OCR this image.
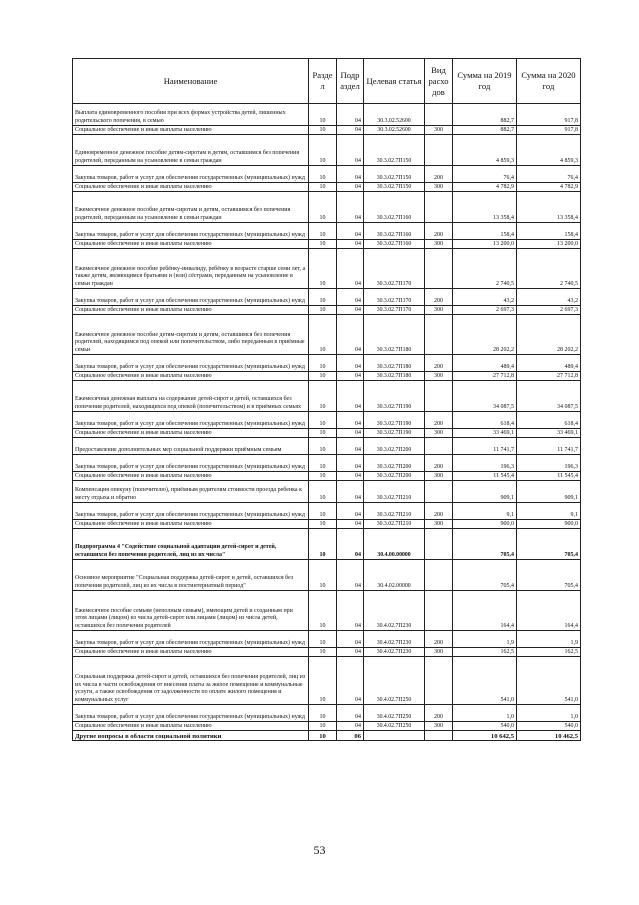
Наименование	Разде л	Подр аздел	Целевая статья	Вид расхо дов	Сумма на 2019 год	Сумма на 2020 год
Выплата единовременного пособия при всех формах устройства детей, лишенных родительского попечения, в семью	10	04	30.3.02.52600		882,7	917,8
Социальное обеспечение и иные выплаты населению	10	04	30.3.02.52600	300	882,7	917,8
Единовременное денежное пособие детям-сиротам и детям, оставшимся без попечения родителей, переданным на усыновление в семьи граждан	10	04	30.3.02.7П150		4 859,3	4 859,3
Закупка товаров, работ и услуг для обеспечения государственных (муниципальных) нужд	10	04	30.3.02.7П150	200	76,4	76,4
Социальное обеспечение и иные выплаты населению	10	04	30.3.02.7П150	300	4 782,9	4 782,9
Ежемесячное денежное пособие детям-сиротам и детям, оставшимся без попечения родителей, переданным на усыновление в семьи граждан	10	04	30.3.02.7П160		13 358,4	13 358,4
Закупка товаров, работ и услуг для обеспечения государственных (муниципальных) нужд	10	04	30.3.02.7П160	200	158,4	158,4
Социальное обеспечение и иные выплаты населению	10	04	30.3.02.7П160	300	13 200,0	13 200,0
Ежемесячное денежное пособие ребёнку-инвалиду, ребёнку в возрасте старше семи лет, а также детям, являющимся братьями и (или) сёстрами, переданным на усыновление в семьи граждан	10	04	30.3.02.7П170		2 740,5	2 740,5
Закупка товаров, работ и услуг для обеспечения государственных (муниципальных) нужд	10	04	30.3.02.7П170	200	43,2	43,2
Социальное обеспечение и иные выплаты населению	10	04	30.3.02.7П170	300	2 697,3	2 697,3
Ежемесячное денежное пособие детям-сиротам и детям, оставшимся без попечения родителей, находящимся под опекой или попечительством, либо переданным в приёмные семьи	10	04	30.3.02.7П180		28 202,2	28 202,2
Закупка товаров, работ и услуг для обеспечения государственных (муниципальных) нужд	10	04	30.3.02.7П180	200	489,4	489,4
Социальное обеспечение и иные выплаты населению	10	04	30.3.02.7П180	300	27 712,8	27 712,8
Ежемесячная денежная выплата на содержание детей-сирот и детей, оставшихся без попечения родителей, находящихся под опекой (попечительством) и в приёмных семьях	10	04	30.3.02.7П190		34 087,5	34 087,5
Закупка товаров, работ и услуг для обеспечения государственных (муниципальных) нужд	10	04	30.3.02.7П190	200	618,4	618,4
Социальное обеспечение и иные выплаты населению	10	04	30.3.02.7П190	300	33 469,1	33 469,1
Предоставление дополнительных мер социальной поддержки приёмным семьям	10	04	30.3.02.7П200		11 741,7	11 741,7
Закупка товаров, работ и услуг для обеспечения государственных (муниципальных) нужд	10	04	30.3.02.7П200	200	196,3	196,3
Социальное обеспечение и иные выплаты населению	10	04	30.3.02.7П200	300	11 545,4	11 545,4
Компенсация опекуну (попечителю), приёмным родителям стоимости проезда ребенка к месту отдыха и обратно	10	04	30.3.02.7П210		909,1	909,1
Закупка товаров, работ и услуг для обеспечения государственных (муниципальных) нужд	10	04	30.3.02.7П210	200	9,1	9,1
Социальное обеспечение и иные выплаты населению	10	04	30.3.02.7П210	300	900,0	900,0
Подпрограмма 4 "Содействие социальной адаптации детей-сирот и детей, оставшихся без попечения родителей, лиц из их числа"	10	04	30.4.00.00000		705,4	705,4
Основное мероприятие "Социальная поддержка детей-сирот и детей, оставшихся без попечения родителей, лиц из их числа в постинтернатный период"	10	04	30.4.02.00000		705,4	705,4
Ежемесячное пособие семьям (неполным семьям), имеющим детей и созданным при этом лицами (лицом) из числа детей-сирот или лицами (лицом) из числа детей, оставшихся без попечения родителей	10	04	30.4.02.7П230		164,4	164,4
Закупка товаров, работ и услуг для обеспечения государственных (муниципальных) нужд	10	04	30.4.02.7П230	200	1,9	1,9
Социальное обеспечение и иные выплаты населению	10	04	30.4.02.7П230	300	162,5	162,5
Социальная поддержка детей-сирот и детей, оставшихся без попечения родителей, лиц из их числа в части освобождения от внесения платы за жилое помещение и коммунальные услуги, а также освобождения от задолженности по оплате жилого помещения и коммунальных услуг	10	04	30.4.02.7П250		541,0	541,0
Закупка товаров, работ и услуг для обеспечения государственных (муниципальных) нужд	10	04	30.4.02.7П250	200	1,0	1,0
Социальное обеспечение и иные выплаты населению	10	04	30.4.02.7П250	300	540,0	540,0
Другие вопросы в области социальной политики	10	06			10 642,5	10 462,5
53
